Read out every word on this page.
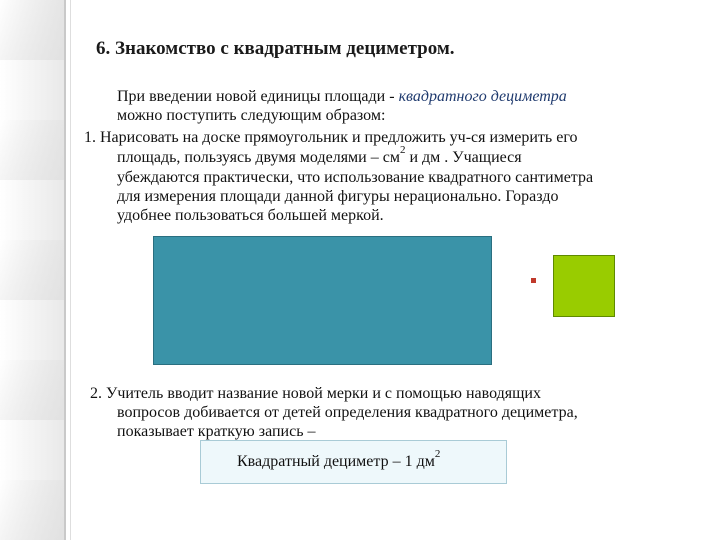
6. Знакомство с квадратным дециметром.
При введении новой единицы площади - квадратного дециметра
можно поступить следующим образом:
1. Нарисовать на доске прямоугольник и предложить уч-ся измерить его
площадь, пользуясь двумя моделями – $см^2$ и дм . Учащиеся
убеждаются практически, что использование квадратного сантиметра
для измерения площади данной фигуры нерационально. Гораздо
удобнее пользоваться большей меркой.
2. Учитель вводит название новой мерки и с помощью наводящих
вопросов добивается от детей определения квадратного дециметра,
показывает краткую запись –
Квадратный дециметр – 1 $дм^2$
